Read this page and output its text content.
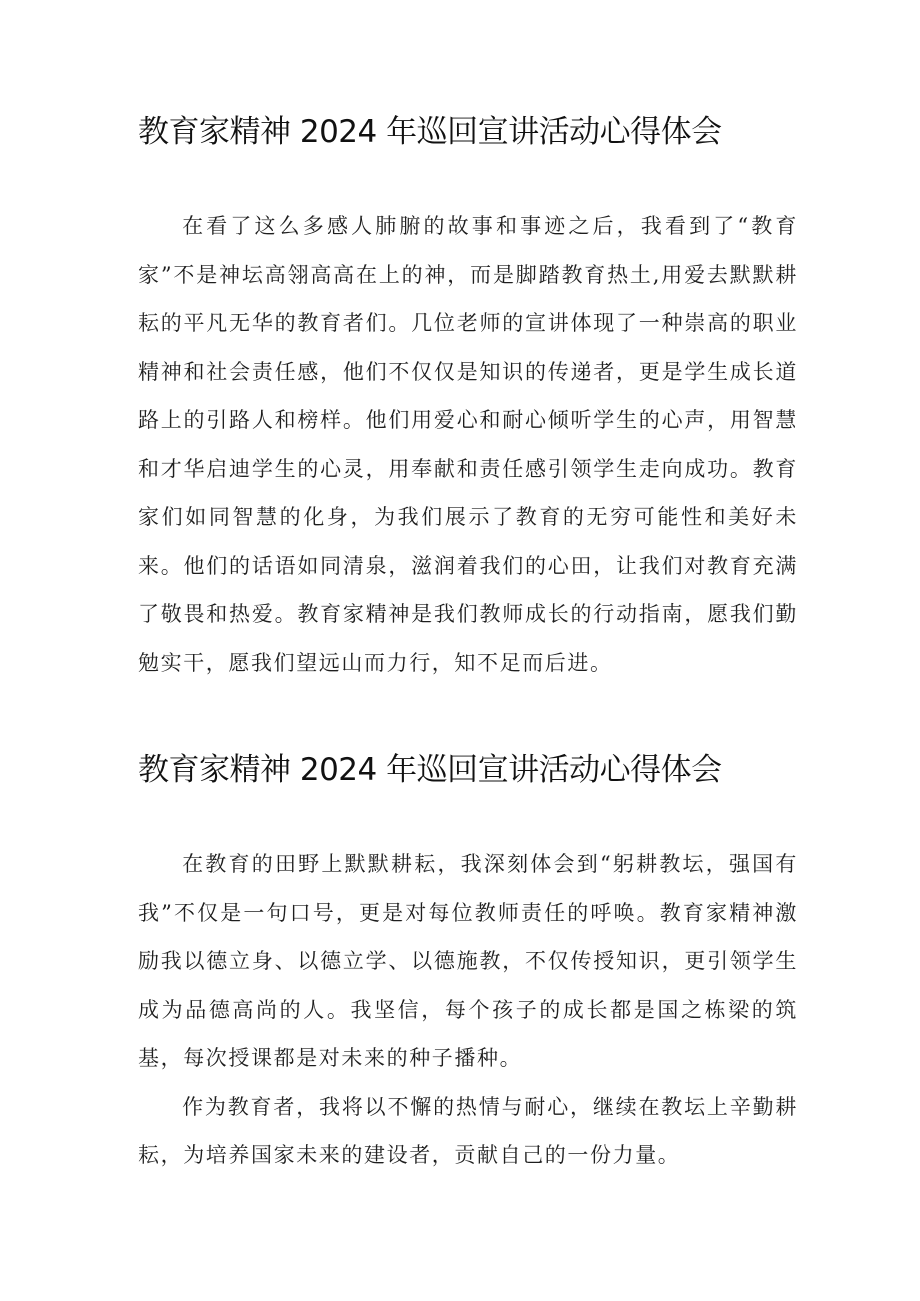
教育家精神 2024 年巡回宣讲活动心得体会

在看了这么多感人肺腑的故事和事迹之后，我看到了“教育家”不是神坛高翎高高在上的神，而是脚踏教育热土,用爱去默默耕耘的平凡无华的教育者们。几位老师的宣讲体现了一种崇高的职业精神和社会责任感，他们不仅仅是知识的传递者，更是学生成长道路上的引路人和榜样。他们用爱心和耐心倾听学生的心声，用智慧和才华启迪学生的心灵，用奉献和责任感引领学生走向成功。教育家们如同智慧的化身，为我们展示了教育的无穷可能性和美好未来。他们的话语如同清泉，滋润着我们的心田，让我们对教育充满了敬畏和热爱。教育家精神是我们教师成长的行动指南，愿我们勤勉实干，愿我们望远山而力行，知不足而后进。

教育家精神 2024 年巡回宣讲活动心得体会

在教育的田野上默默耕耘，我深刻体会到“躬耕教坛，强国有我”不仅是一句口号，更是对每位教师责任的呼唤。教育家精神激励我以德立身、以德立学、以德施教，不仅传授知识，更引领学生成为品德高尚的人。我坚信，每个孩子的成长都是国之栋梁的筑基，每次授课都是对未来的种子播种。

作为教育者，我将以不懈的热情与耐心，继续在教坛上辛勤耕耘，为培养国家未来的建设者，贡献自己的一份力量。
